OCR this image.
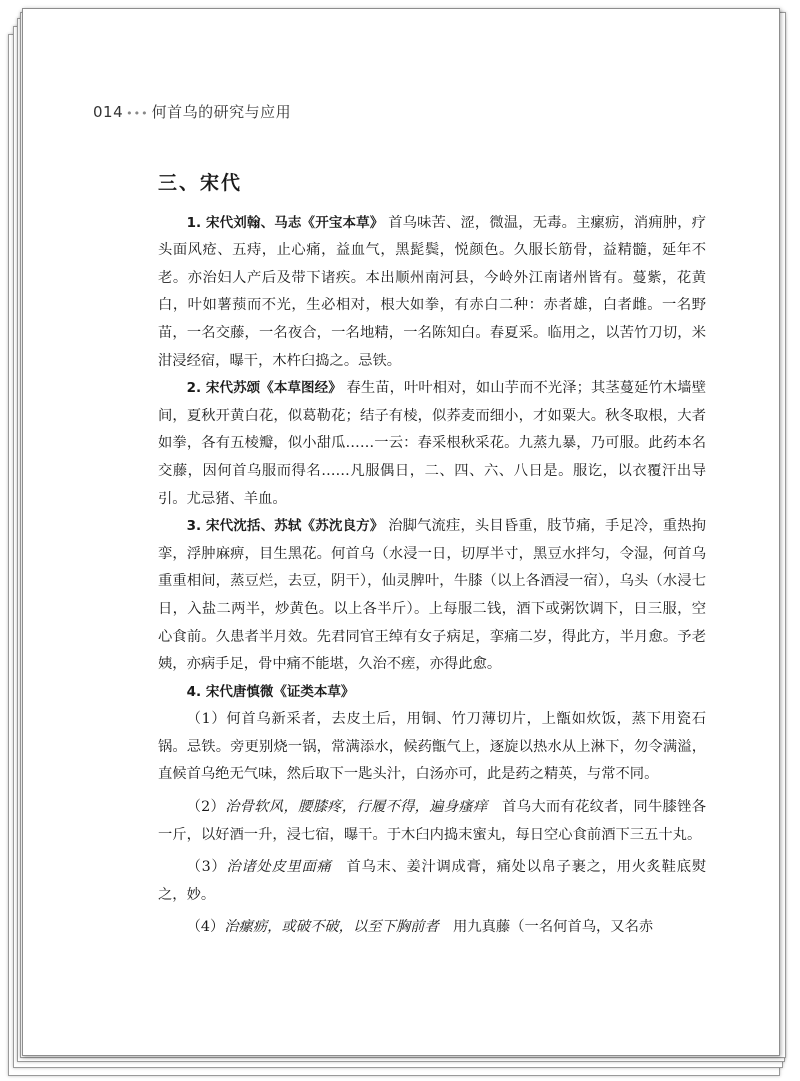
014 ••• 何首乌的研究与应用
三、宋代

1. 宋代刘翰、马志《开宝本草》 首乌味苦、涩，微温，无毒。主瘰疬，消痈肿，疗头面风疮、五痔，止心痛，益血气，黑髭鬓，悦颜色。久服长筋骨，益精髓，延年不老。亦治妇人产后及带下诸疾。本出顺州南河县，今岭外江南诸州皆有。蔓紫，花黄白，叶如薯蓣而不光，生必相对，根大如拳，有赤白二种：赤者雄，白者雌。一名野苗，一名交藤，一名夜合，一名地精，一名陈知白。春夏采。临用之，以苦竹刀切，米泔浸经宿，曝干，木杵臼捣之。忌铁。

2. 宋代苏颂《本草图经》 春生苗，叶叶相对，如山芋而不光泽；其茎蔓延竹木墙壁间，夏秋开黄白花，似葛勒花；结子有棱，似荞麦而细小，才如粟大。秋冬取根，大者如拳，各有五棱瓣，似小甜瓜……一云：春采根秋采花。九蒸九暴，乃可服。此药本名交藤，因何首乌服而得名……凡服偶日，二、四、六、八日是。服讫，以衣覆汗出导引。尤忌猪、羊血。

3. 宋代沈括、苏轼《苏沈良方》 治脚气流疰，头目昏重，肢节痛，手足冷，重热拘挛，浮肿麻痹，目生黑花。何首乌（水浸一日，切厚半寸，黑豆水拌匀，令湿，何首乌重重相间，蒸豆烂，去豆，阴干），仙灵脾叶，牛膝（以上各酒浸一宿），乌头（水浸七日，入盐二两半，炒黄色。以上各半斤）。上每服二钱，酒下或粥饮调下，日三服，空心食前。久患者半月效。先君同官王绰有女子病足，挛痛二岁，得此方，半月愈。予老姨，亦病手足，骨中痛不能堪，久治不瘥，亦得此愈。

4. 宋代唐慎微《证类本草》

（1）何首乌新采者，去皮土后，用铜、竹刀薄切片，上甑如炊饭，蒸下用瓷石锅。忌铁。旁更别烧一锅，常满添水，候药甑气上，逐旋以热水从上淋下，勿令满溢，直候首乌绝无气味，然后取下一匙头汁，白汤亦可，此是药之精英，与常不同。

（2）治骨软风，腰膝疼，行履不得，遍身瘙痒　 首乌大而有花纹者，同牛膝锉各一斤，以好酒一升，浸七宿，曝干。于木臼内捣末蜜丸，每日空心食前酒下三五十丸。

（3）治诸处皮里面痛　 首乌末、姜汁调成膏，痛处以帛子裹之，用火炙鞋底熨之，妙。

（4）治瘰疬，或破不破，以至下胸前者　 用九真藤（一名何首乌，又名赤
